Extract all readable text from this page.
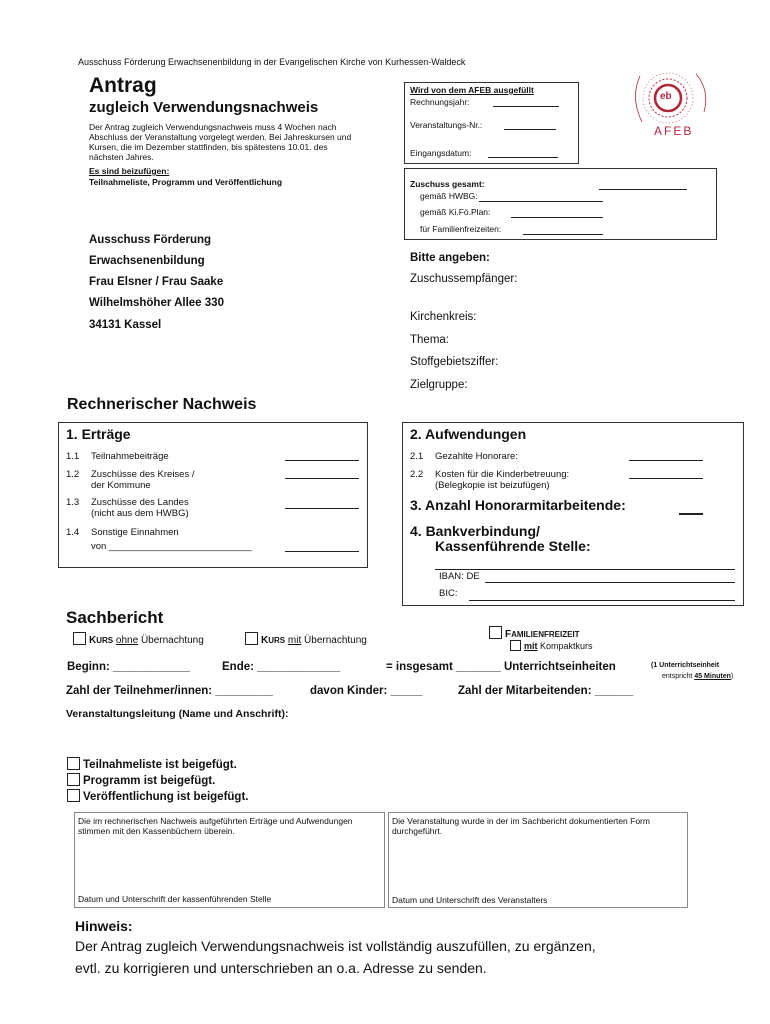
Ausschuss Förderung Erwachsenenbildung in der Evangelischen Kirche von Kurhessen-Waldeck
Antrag
zugleich Verwendungsnachweis
Der Antrag zugleich Verwendungsnachweis muss 4 Wochen nach Abschluss der Veranstaltung vorgelegt werden. Bei Jahreskursen und Kursen, die im Dezember stattfinden, bis spätestens 10.01. des nächsten Jahres.
Es sind beizufügen:
Teilnahmeliste, Programm und Veröffentlichung
eb
AFEB
Wird von dem AFEB ausgefüllt
Rechnungsjahr:
Veranstaltungs-Nr.:
Eingangsdatum:
Zuschuss gesamt:
gemäß HWBG:
gemäß Ki.Fö.Plan:
für Familienfreizeiten:
Ausschuss Förderung
Erwachsenenbildung
Frau Elsner / Frau Saake
Wilhelmshöher Allee 330
34131 Kassel
Bitte angeben:
Zuschussempfänger:
Kirchenkreis:
Thema:
Stoffgebietsziffer:
Zielgruppe:
Rechnerischer Nachweis
1. Erträge
1.1 Teilnahmebeiträge
1.2 Zuschüsse des Kreises /
der Kommune
1.3 Zuschüsse des Landes
(nicht aus dem HWBG)
1.4 Sonstige Einnahmen
von ___________________________
2. Aufwendungen
2.1 Gezahlte Honorare:
2.2 Kosten für die Kinderbetreuung:
(Belegkopie ist beizufügen)
3. Anzahl Honorarmitarbeitende:
4. Bankverbindung/
Kassenführende Stelle:
IBAN: DE
BIC:
Sachbericht
KURS ohne Übernachtung	KURS mit Übernachtung
FAMILIENFREIZEIT
mit Kompaktkurs
Beginn: ____________	Ende: _____________	= insgesamt _______ Unterrichtseinheiten	(1 Unterrichtseinheit
entspricht 45 Minuten)
Zahl der Teilnehmer/innen: _________	davon Kinder: _____	Zahl der Mitarbeitenden: ______
Veranstaltungsleitung (Name und Anschrift):
Teilnahmeliste ist beigefügt.
Programm ist beigefügt.
Veröffentlichung ist beigefügt.
Die im rechnerischen Nachweis aufgeführten Erträge und Aufwendungen stimmen mit den Kassenbüchern überein.
Datum und Unterschrift der kassenführenden Stelle
Die Veranstaltung wurde in der im Sachbericht dokumentierten Form durchgeführt.
Datum und Unterschrift des Veranstalters
Hinweis:
Der Antrag zugleich Verwendungsnachweis ist vollständig auszufüllen, zu ergänzen,
evtl. zu korrigieren und unterschrieben an o.a. Adresse zu senden.
